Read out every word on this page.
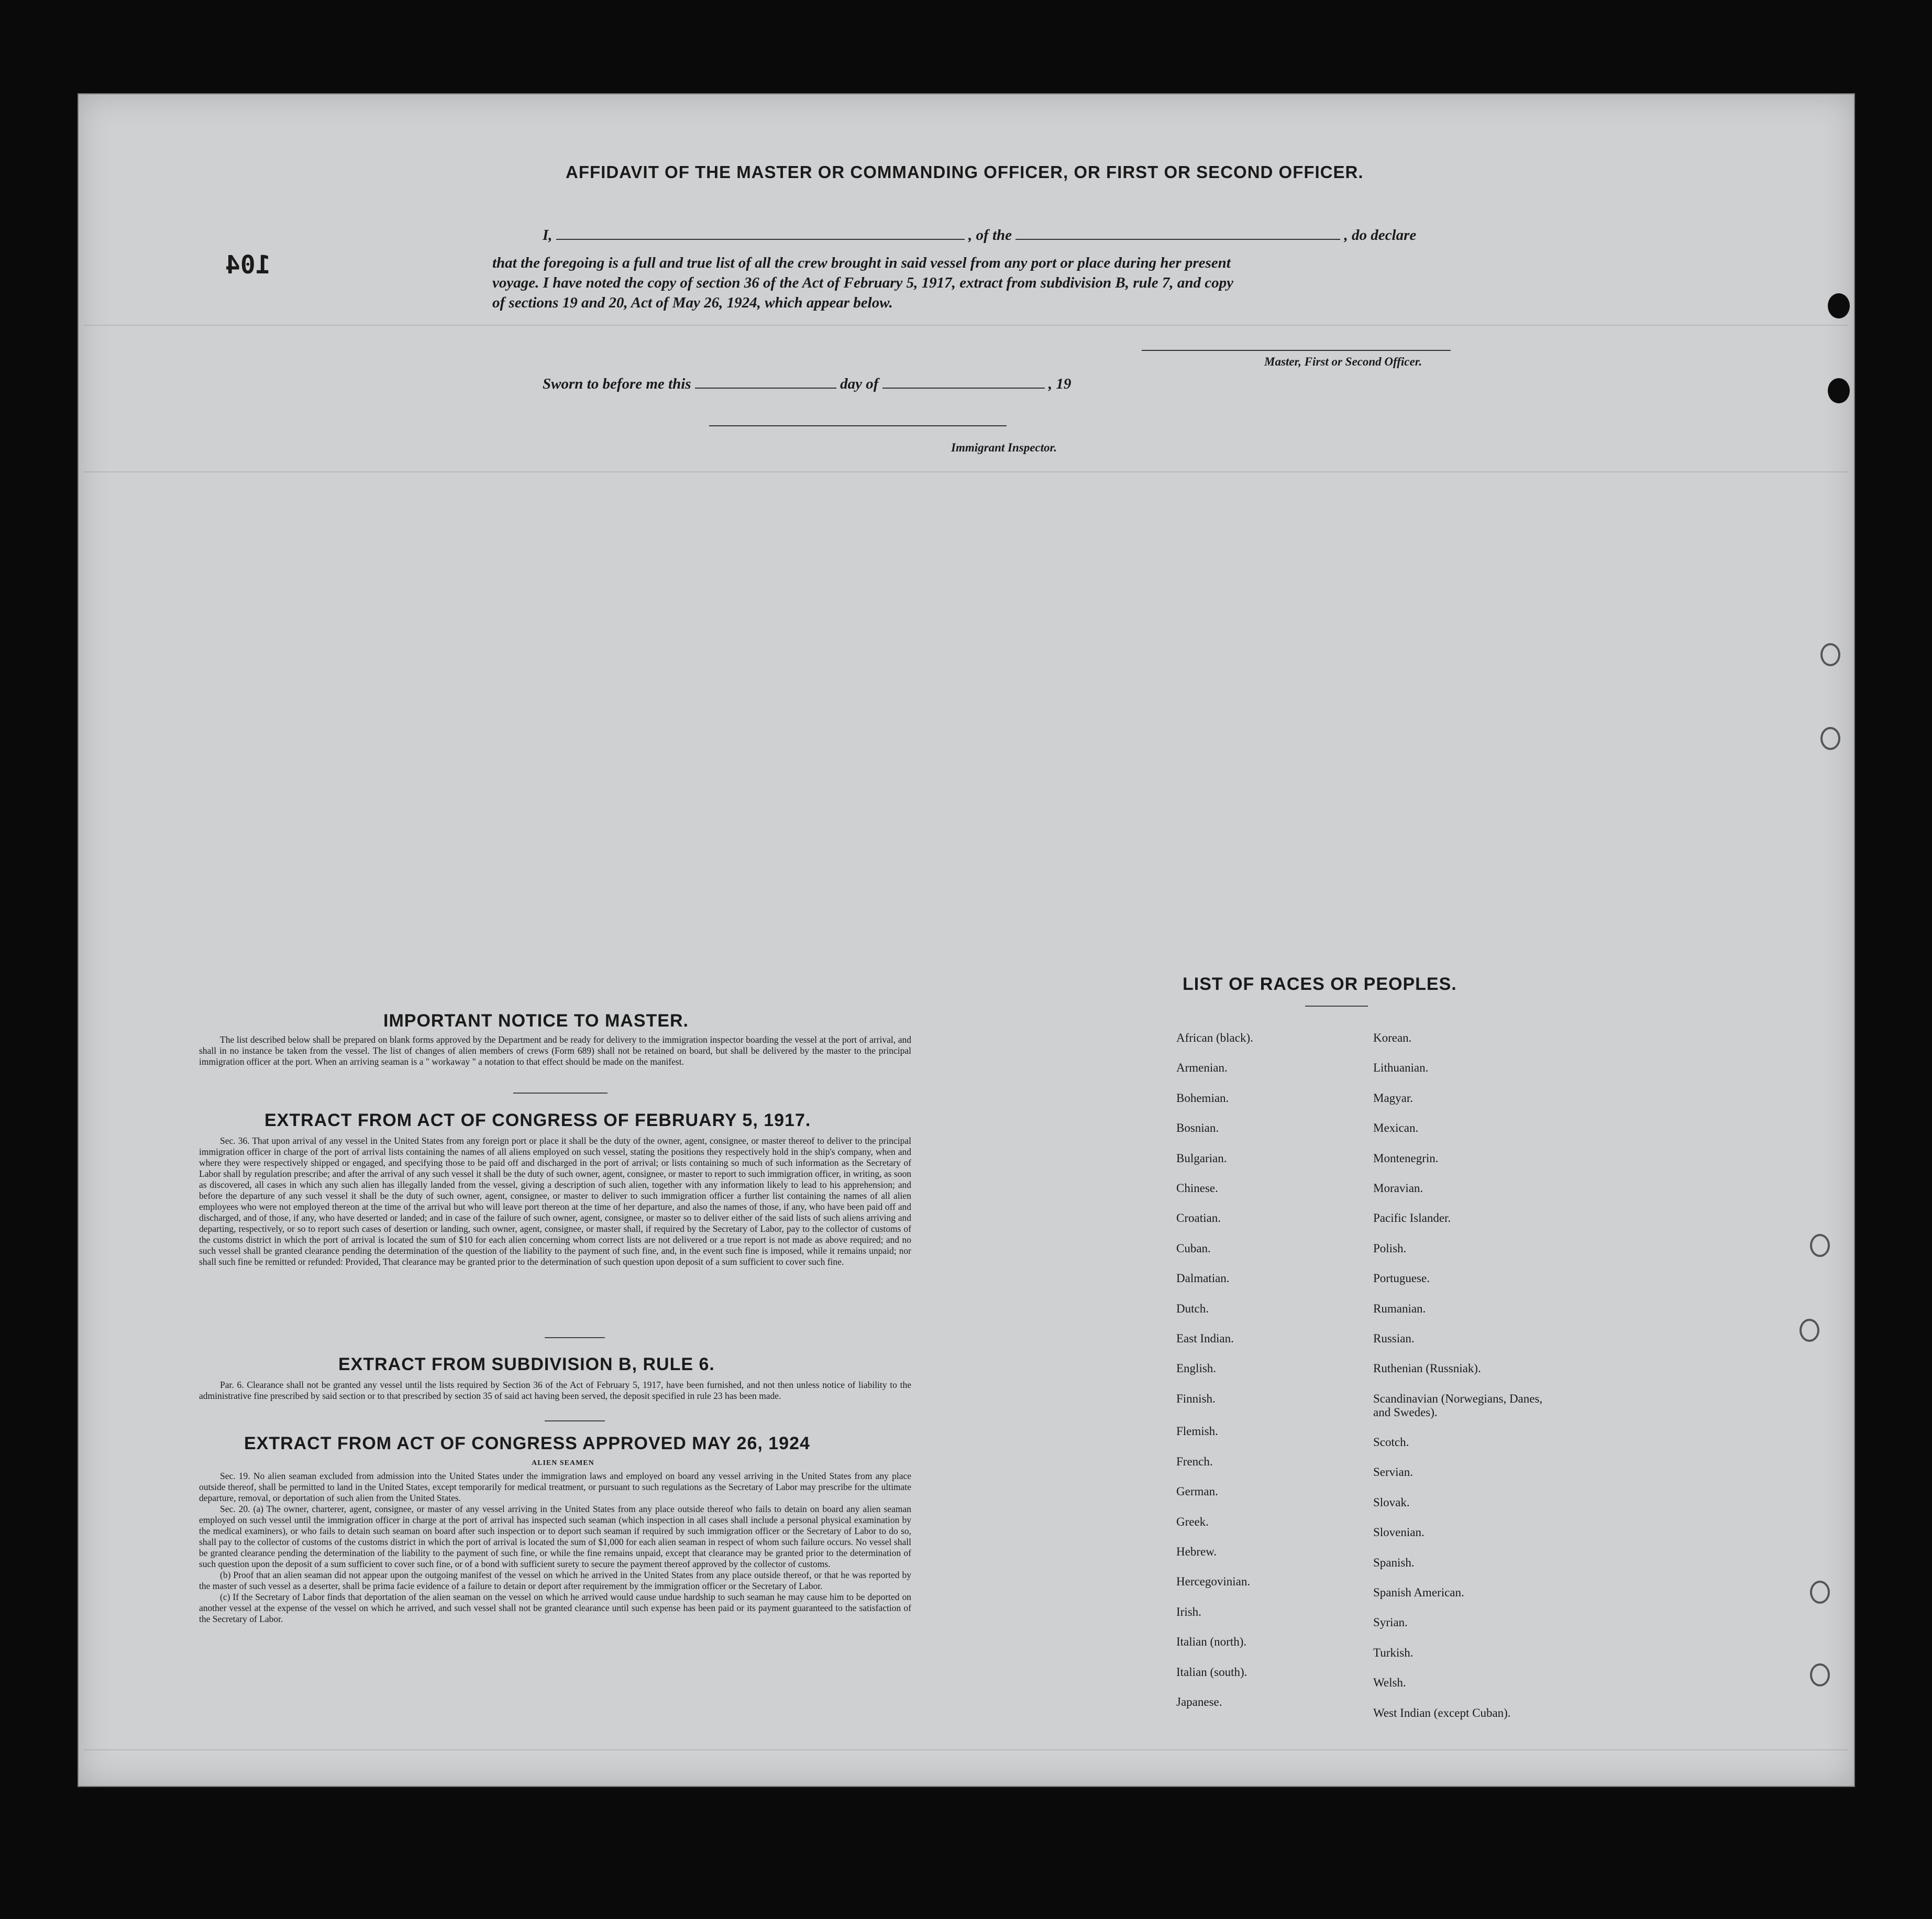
104
AFFIDAVIT OF THE MASTER OR COMMANDING OFFICER, OR FIRST OR SECOND OFFICER.
I,	, of the	, do declare
that the foregoing is a full and true list of all the crew brought in said vessel from any port or place during her present
voyage. I have noted the copy of section 36 of the Act of February 5, 1917, extract from subdivision B, rule 7, and copy
of sections 19 and 20, Act of May 26, 1924, which appear below.
Master, First or Second Officer.
Sworn to before me this	day of	, 19
Immigrant Inspector.
IMPORTANT NOTICE TO MASTER.
The list described below shall be prepared on blank forms approved by the Department and be ready for delivery to the immigration inspector boarding the vessel at the port of arrival, and shall in no instance be taken from the vessel. The list of changes of alien members of crews (Form 689) shall not be retained on board, but shall be delivered by the master to the principal immigration officer at the port. When an arriving seaman is a " workaway " a notation to that effect should be made on the manifest.
EXTRACT FROM ACT OF CONGRESS OF FEBRUARY 5, 1917.
Sec. 36. That upon arrival of any vessel in the United States from any foreign port or place it shall be the duty of the owner, agent, consignee, or master thereof to deliver to the principal immigration officer in charge of the port of arrival lists containing the names of all aliens employed on such vessel, stating the positions they respectively hold in the ship's company, when and where they were respectively shipped or engaged, and specifying those to be paid off and discharged in the port of arrival; or lists containing so much of such information as the Secretary of Labor shall by regulation prescribe; and after the arrival of any such vessel it shall be the duty of such owner, agent, consignee, or master to report to such immigration officer, in writing, as soon as discovered, all cases in which any such alien has illegally landed from the vessel, giving a description of such alien, together with any information likely to lead to his apprehension; and before the departure of any such vessel it shall be the duty of such owner, agent, consignee, or master to deliver to such immigration officer a further list containing the names of all alien employees who were not employed thereon at the time of the arrival but who will leave port thereon at the time of her departure, and also the names of those, if any, who have been paid off and discharged, and of those, if any, who have deserted or landed; and in case of the failure of such owner, agent, consignee, or master so to deliver either of the said lists of such aliens arriving and departing, respectively, or so to report such cases of desertion or landing, such owner, agent, consignee, or master shall, if required by the Secretary of Labor, pay to the collector of customs of the customs district in which the port of arrival is located the sum of $10 for each alien concerning whom correct lists are not delivered or a true report is not made as above required; and no such vessel shall be granted clearance pending the determination of the question of the liability to the payment of such fine, and, in the event such fine is imposed, while it remains unpaid; nor shall such fine be remitted or refunded: Provided, That clearance may be granted prior to the determination of such question upon deposit of a sum sufficient to cover such fine.
EXTRACT FROM SUBDIVISION B, RULE 6.
Par. 6. Clearance shall not be granted any vessel until the lists required by Section 36 of the Act of February 5, 1917, have been furnished, and not then unless notice of liability to the administrative fine prescribed by said section or to that prescribed by section 35 of said act having been served, the deposit specified in rule 23 has been made.
EXTRACT FROM ACT OF CONGRESS APPROVED MAY 26, 1924
ALIEN SEAMEN
Sec. 19. No alien seaman excluded from admission into the United States under the immigration laws and employed on board any vessel arriving in the United States from any place outside thereof, shall be permitted to land in the United States, except temporarily for medical treatment, or pursuant to such regulations as the Secretary of Labor may prescribe for the ultimate departure, removal, or deportation of such alien from the United States.
Sec. 20. (a) The owner, charterer, agent, consignee, or master of any vessel arriving in the United States from any place outside thereof who fails to detain on board any alien seaman employed on such vessel until the immigration officer in charge at the port of arrival has inspected such seaman (which inspection in all cases shall include a personal physical examination by the medical examiners), or who fails to detain such seaman on board after such inspection or to deport such seaman if required by such immigration officer or the Secretary of Labor to do so, shall pay to the collector of customs of the customs district in which the port of arrival is located the sum of $1,000 for each alien seaman in respect of whom such failure occurs. No vessel shall be granted clearance pending the determination of the liability to the payment of such fine, or while the fine remains unpaid, except that clearance may be granted prior to the determination of such question upon the deposit of a sum sufficient to cover such fine, or of a bond with sufficient surety to secure the payment thereof approved by the collector of customs.
(b) Proof that an alien seaman did not appear upon the outgoing manifest of the vessel on which he arrived in the United States from any place outside thereof, or that he was reported by the master of such vessel as a deserter, shall be prima facie evidence of a failure to detain or deport after requirement by the immigration officer or the Secretary of Labor.
(c) If the Secretary of Labor finds that deportation of the alien seaman on the vessel on which he arrived would cause undue hardship to such seaman he may cause him to be deported on another vessel at the expense of the vessel on which he arrived, and such vessel shall not be granted clearance until such expense has been paid or its payment guaranteed to the satisfaction of the Secretary of Labor.
LIST OF RACES OR PEOPLES.
African (black).
Armenian.
Bohemian.
Bosnian.
Bulgarian.
Chinese.
Croatian.
Cuban.
Dalmatian.
Dutch.
East Indian.
English.
Finnish.
Flemish.
French.
German.
Greek.
Hebrew.
Hercegovinian.
Irish.
Italian (north).
Italian (south).
Japanese.
Korean.
Lithuanian.
Magyar.
Mexican.
Montenegrin.
Moravian.
Pacific Islander.
Polish.
Portuguese.
Rumanian.
Russian.
Ruthenian (Russniak).
Scandinavian (Norwegians, Danes, and Swedes).
Scotch.
Servian.
Slovak.
Slovenian.
Spanish.
Spanish American.
Syrian.
Turkish.
Welsh.
West Indian (except Cuban).
